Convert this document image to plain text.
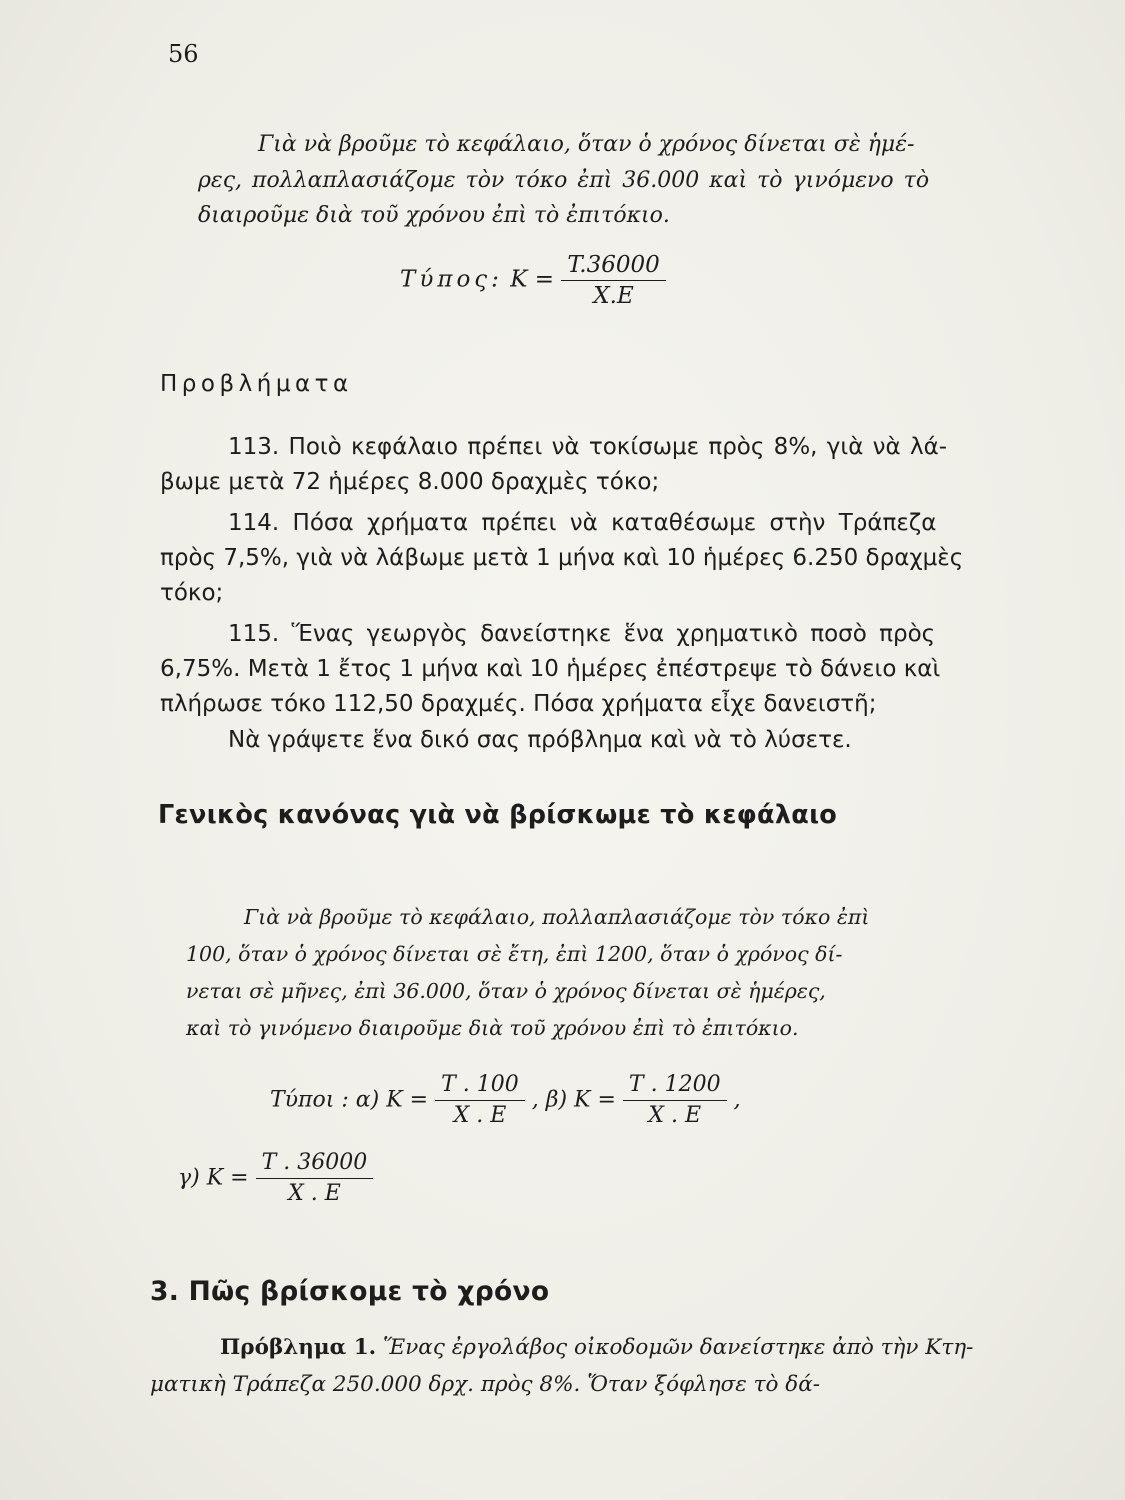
56
Γιὰ νὰ βροῦμε τὸ κεφάλαιο, ὅταν ὁ χρόνος δίνεται σὲ ἡμέ-
ρες, πολλαπλασιάζομε τὸν τόκο ἐπὶ 36.000 καὶ τὸ γινόμενο τὸ
διαιροῦμε διὰ τοῦ χρόνου ἐπὶ τὸ ἐπιτόκιο.
Τύπος: $K = \frac{T.36000}{X.E}$
Προβλήματα
113. Ποιὸ κεφάλαιο πρέπει νὰ τοκίσωμε πρὸς 8%, γιὰ νὰ λά-
βωμε μετὰ 72 ἡμέρες 8.000 δραχμὲς τόκο;
114. Πόσα χρήματα πρέπει νὰ καταθέσωμε στὴν Τράπεζα
πρὸς 7,5%, γιὰ νὰ λάβωμε μετὰ 1 μήνα καὶ 10 ἡμέρες 6.250 δραχμὲς
τόκο;
115. Ἕνας γεωργὸς δανείστηκε ἕνα χρηματικὸ ποσὸ πρὸς
6,75%. Μετὰ 1 ἔτος 1 μήνα καὶ 10 ἡμέρες ἐπέστρεψε τὸ δάνειο καὶ
πλήρωσε τόκο 112,50 δραχμές. Πόσα χρήματα εἶχε δανειστῆ;
Νὰ γράψετε ἕνα δικό σας πρόβλημα καὶ νὰ τὸ λύσετε.
Γενικὸς κανόνας γιὰ νὰ βρίσκωμε τὸ κεφάλαιο
Γιὰ νὰ βροῦμε τὸ κεφάλαιο, πολλαπλασιάζομε τὸν τόκο ἐπὶ
100, ὅταν ὁ χρόνος δίνεται σὲ ἔτη, ἐπὶ 1200, ὅταν ὁ χρόνος δί-
νεται σὲ μῆνες, ἐπὶ 36.000, ὅταν ὁ χρόνος δίνεται σὲ ἡμέρες,
καὶ τὸ γινόμενο διαιροῦμε διὰ τοῦ χρόνου ἐπὶ τὸ ἐπιτόκιο.
Τύποι : α) $K = \frac{T . 100}{X . E}$ , β) $K = \frac{T . 1200}{X . E}$ ,
γ) $K = \frac{T . 36000}{X . E}$
3. Πῶς βρίσκομε τὸ χρόνο
Πρόβλημα 1. Ἕνας ἐργολάβος οἰκοδομῶν δανείστηκε ἀπὸ τὴν Κτη-
ματικὴ Τράπεζα 250.000 δρχ. πρὸς 8%. Ὅταν ξόφλησε τὸ δά-
